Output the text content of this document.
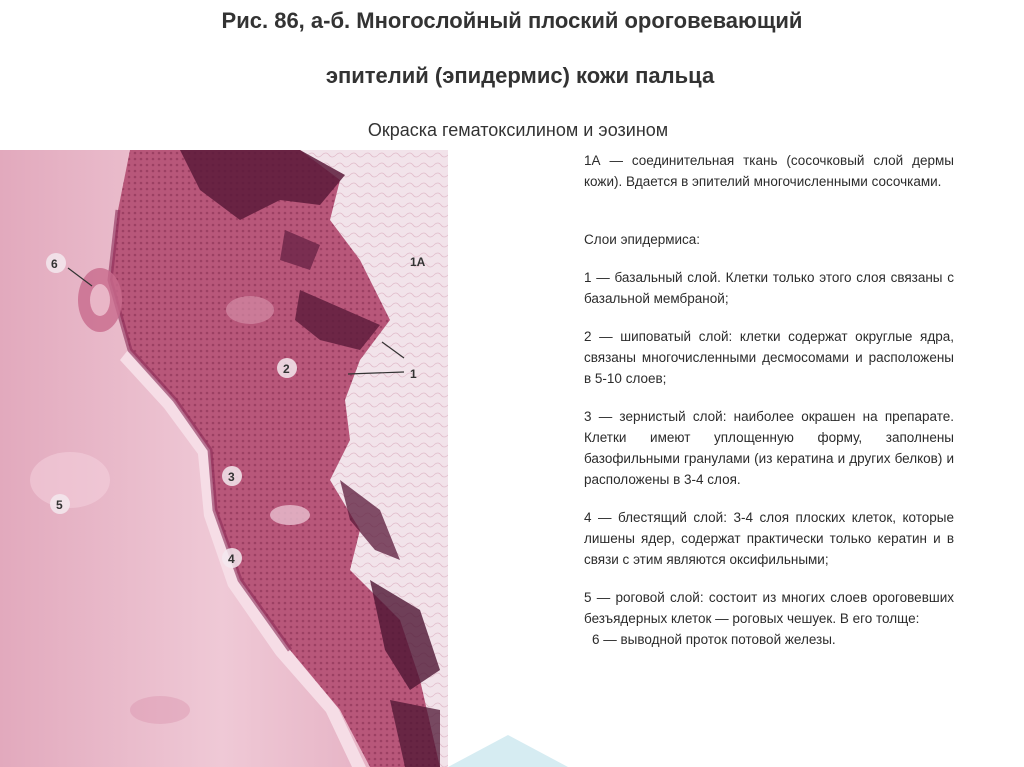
Рис. 86, а-б. Многослойный плоский ороговевающий
эпителий (эпидермис) кожи пальца
Окраска гематоксилином и эозином
6	1А
2	1
3
5
4

1А — соединительная ткань (сосочковый слой дермы кожи). Вдается в эпителий многочисленными сосочками.

Слои эпидермиса:

1 — базальный слой. Клетки только этого слоя связаны с базальной мембраной;

2 — шиповатый слой: клетки содержат округлые ядра, связаны многочисленными десмосомами и расположены в 5-10 слоев;

3 — зернистый слой: наиболее окрашен на препарате. Клетки имеют уплощенную форму, заполнены базофильными гранулами (из кератина и других белков) и расположены в 3-4 слоя.

4 — блестящий слой: 3-4 слоя плоских клеток, которые лишены ядер, содержат практически только кератин и в связи с этим являются оксифильными;

5 — роговой слой: состоит из многих слоев ороговевших безъядерных клеток — роговых чешуек. В его толще:

6 — выводной проток потовой железы.
